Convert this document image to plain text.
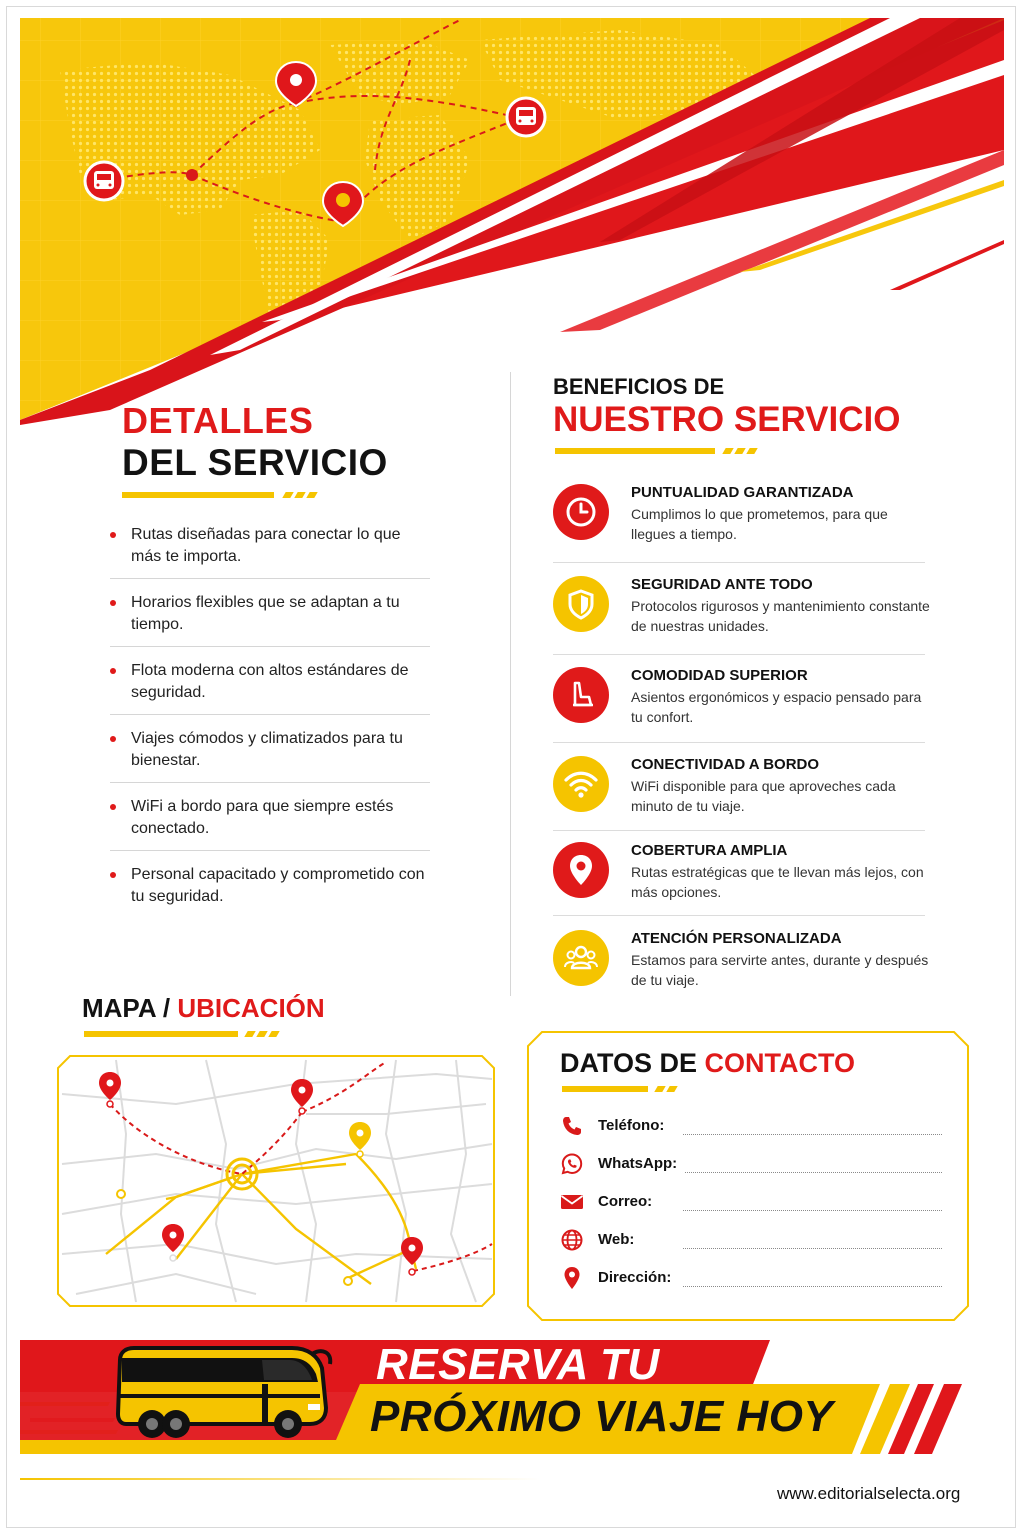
DETALLES
DEL SERVICIO
Rutas diseñadas para conectar lo que más te importa.
Horarios flexibles que se adaptan a tu tiempo.
Flota moderna con altos estándares de seguridad.
Viajes cómodos y climatizados para tu bienestar.
WiFi a bordo para que siempre estés conectado.
Personal capacitado y comprometido con tu seguridad.
BENEFICIOS DE
NUESTRO SERVICIO
PUNTUALIDAD GARANTIZADA
Cumplimos lo que prometemos, para que llegues a tiempo.
SEGURIDAD ANTE TODO
Protocolos rigurosos y mantenimiento constante de nuestras unidades.
COMODIDAD SUPERIOR
Asientos ergonómicos y espacio pensado para tu confort.
CONECTIVIDAD A BORDO
WiFi disponible para que aproveches cada minuto de tu viaje.
COBERTURA AMPLIA
Rutas estratégicas que te llevan más lejos, con más opciones.
ATENCIÓN PERSONALIZADA
Estamos para servirte antes, durante y después de tu viaje.
MAPA / UBICACIÓN
DATOS DE CONTACTO
Teléfono:
WhatsApp:
Correo:
Web:
Dirección:
RESERVA TU
PRÓXIMO VIAJE HOY
www.editorialselecta.org
